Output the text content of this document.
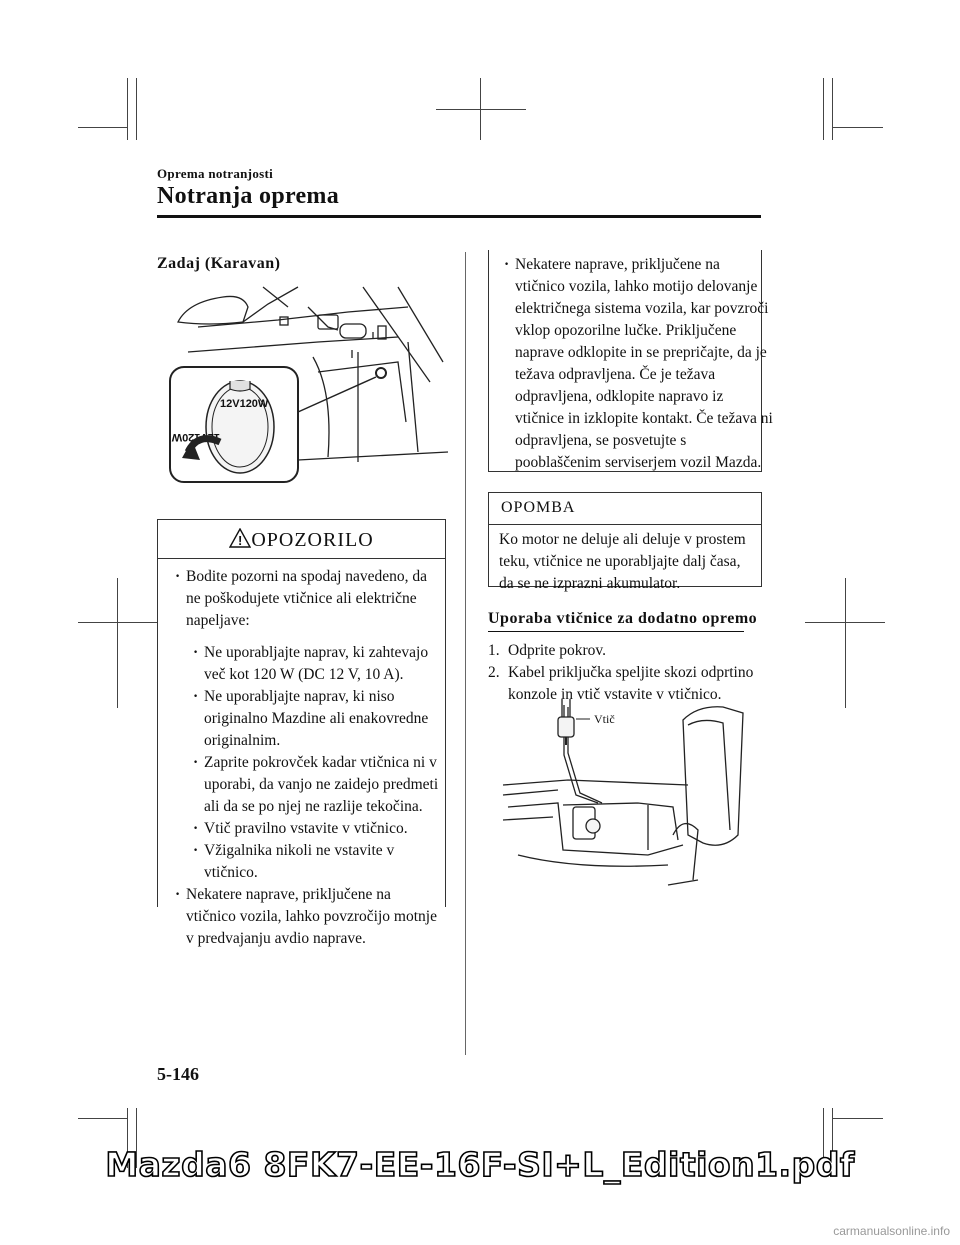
Oprema notranjosti
Notranja oprema
Zadaj (Karavan)
12V120W
12V120W
! OPOZORILO
· Bodite pozorni na spodaj navedeno, da ne poškodujete vtičnice ali električne napeljave:
· Ne uporabljajte naprav, ki zahtevajo več kot 120 W (DC 12 V, 10 A).
· Ne uporabljajte naprav, ki niso originalno Mazdine ali enakovredne originalnim.
· Zaprite pokrovček kadar vtičnica ni v uporabi, da vanjo ne zaidejo predmeti ali da se po njej ne razlije tekočina.
· Vtič pravilno vstavite v vtičnico.
· Vžigalnika nikoli ne vstavite v vtičnico.
· Nekatere naprave, priključene na vtičnico vozila, lahko povzročijo motnje v predvajanju avdio naprave.
· Nekatere naprave, priključene na vtičnico vozila, lahko motijo delovanje električnega sistema vozila, kar povzroči vklop opozorilne lučke. Priključene naprave odklopite in se prepričajte, da je težava odpravljena. Če je težava odpravljena, odklopite napravo iz vtičnice in izklopite kontakt. Če težava ni odpravljena, se posvetujte s pooblaščenim serviserjem vozil Mazda.
OPOMBA
Ko motor ne deluje ali deluje v prostem teku, vtičnice ne uporabljajte dalj časa, da se ne izprazni akumulator.
Uporaba vtičnice za dodatno opremo
1. Odprite pokrov.
2. Kabel priključka speljite skozi odprtino konzole in vtič vstavite v vtičnico.
Vtič
5-146
Mazda6 8FK7-EE-16F-SI+L_Edition1.pdf
carmanualsonline.info
